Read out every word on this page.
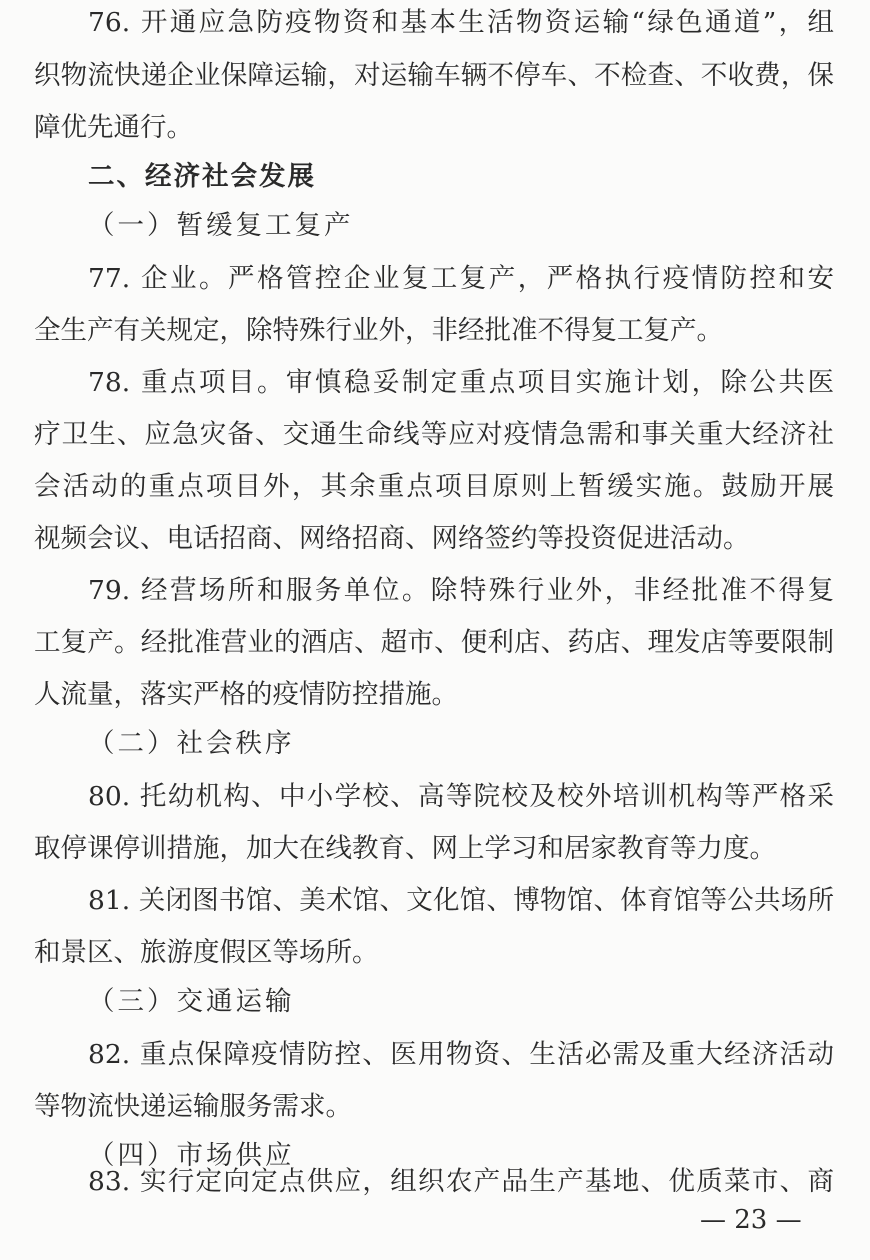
76. 开通应急防疫物资和基本生活物资运输“绿色通道”，组
织物流快递企业保障运输，对运输车辆不停车、不检查、不收费，保
障优先通行。
二、经济社会发展
（一）暂缓复工复产
77. 企业。严格管控企业复工复产，严格执行疫情防控和安
全生产有关规定，除特殊行业外，非经批准不得复工复产。
78. 重点项目。审慎稳妥制定重点项目实施计划，除公共医
疗卫生、应急灾备、交通生命线等应对疫情急需和事关重大经济社
会活动的重点项目外，其余重点项目原则上暂缓实施。鼓励开展
视频会议、电话招商、网络招商、网络签约等投资促进活动。
79. 经营场所和服务单位。除特殊行业外，非经批准不得复
工复产。经批准营业的酒店、超市、便利店、药店、理发店等要限制
人流量，落实严格的疫情防控措施。
（二）社会秩序
80. 托幼机构、中小学校、高等院校及校外培训机构等严格采
取停课停训措施，加大在线教育、网上学习和居家教育等力度。
81. 关闭图书馆、美术馆、文化馆、博物馆、体育馆等公共场所
和景区、旅游度假区等场所。
（三）交通运输
82. 重点保障疫情防控、医用物资、生活必需及重大经济活动
等物流快递运输服务需求。
（四）市场供应
83. 实行定向定点供应，组织农产品生产基地、优质菜市、商
— 23 —
